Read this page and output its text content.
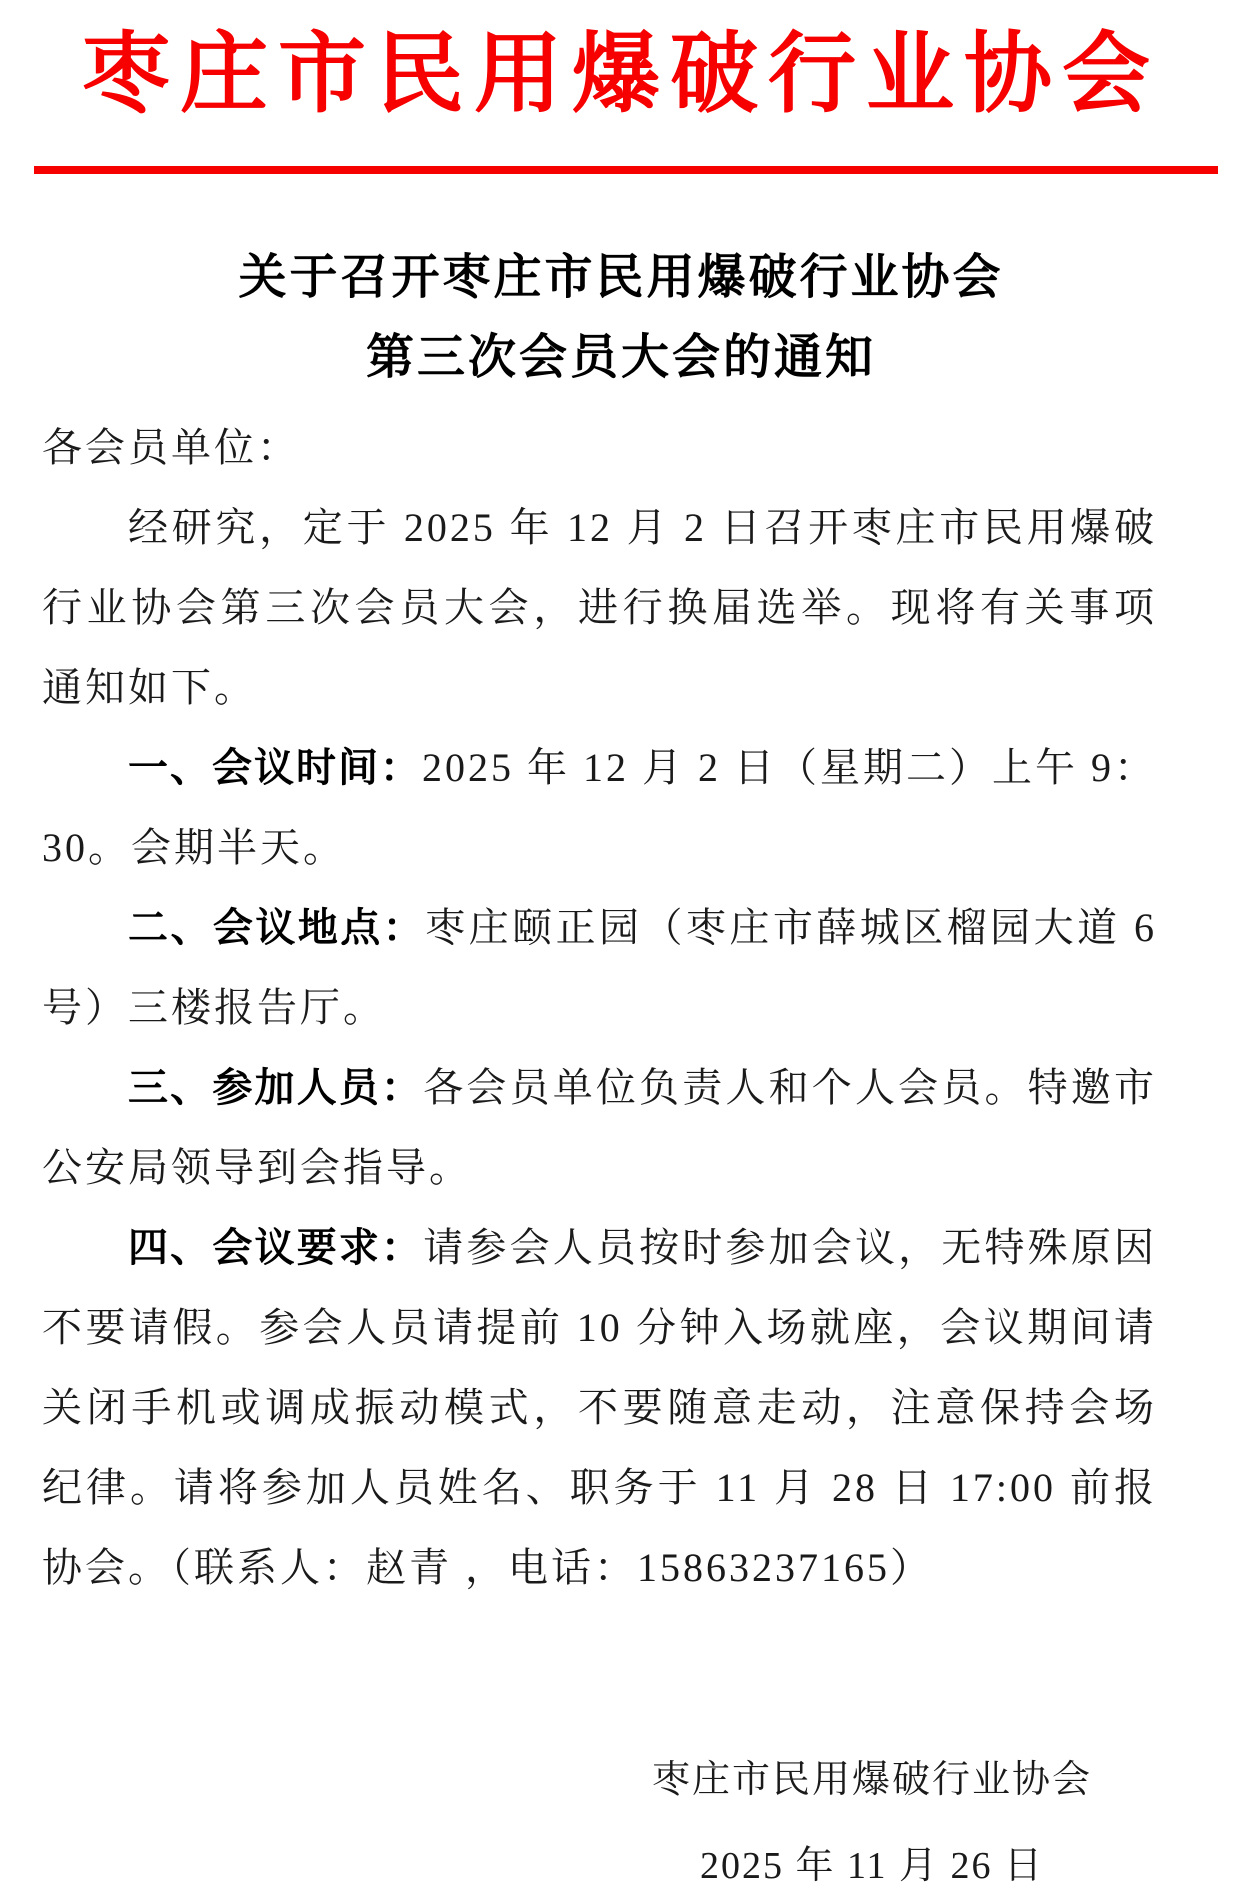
枣庄市民用爆破行业协会
关于召开枣庄市民用爆破行业协会
第三次会员大会的通知

各会员单位：

经研究，定于 2025 年 12 月 2 日召开枣庄市民用爆破行业协会第三次会员大会，进行换届选举。现将有关事项通知如下。

一、会议时间：2025 年 12 月 2 日（星期二）上午 9：30。会期半天。

二、会议地点：枣庄颐正园（枣庄市薛城区榴园大道 6 号）三楼报告厅。

三、参加人员：各会员单位负责人和个人会员。特邀市公安局领导到会指导。

四、会议要求：请参会人员按时参加会议，无特殊原因不要请假。参会人员请提前 10 分钟入场就座，会议期间请关闭手机或调成振动模式，不要随意走动，注意保持会场纪律。请将参加人员姓名、职务于 11 月 28 日 17:00 前报协会。（联系人：赵青 ，电话：15863237165）

枣庄市民用爆破行业协会
2025 年 11 月 26 日
